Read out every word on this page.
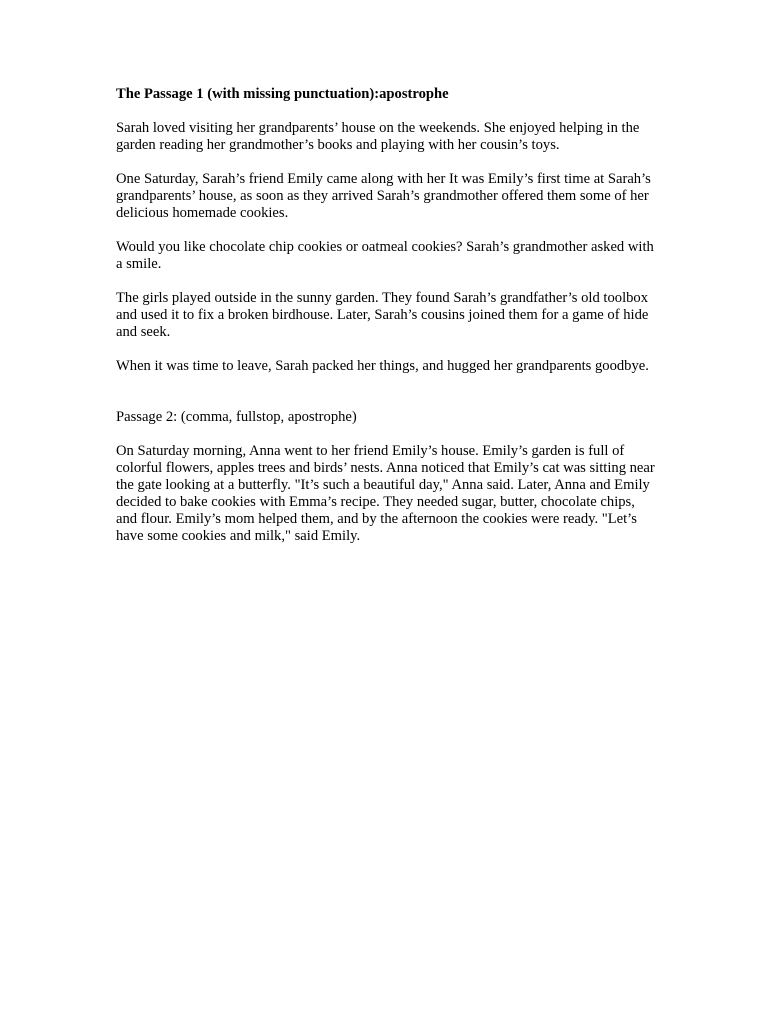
The Passage 1 (with missing punctuation):apostrophe
Sarah loved visiting her grandparents’ house on the weekends. She enjoyed helping in the garden reading her grandmother’s books and playing with her cousin’s toys.
One Saturday, Sarah’s friend Emily came along with her It was Emily’s first time at Sarah’s grandparents’ house, as soon as they arrived Sarah’s grandmother offered them some of her delicious homemade cookies.
Would you like chocolate chip cookies or oatmeal cookies? Sarah’s grandmother asked with a smile.
The girls played outside in the sunny garden. They found Sarah’s grandfather’s old toolbox and used it to fix a broken birdhouse. Later, Sarah’s cousins joined them for a game of hide and seek.
When it was time to leave, Sarah packed her things, and hugged her grandparents goodbye.
Passage 2: (comma, fullstop, apostrophe)
On Saturday morning, Anna went to her friend Emily’s house. Emily’s garden is full of colorful flowers, apples trees and birds’ nests. Anna noticed that Emily’s cat was sitting near the gate looking at a butterfly. "It’s such a beautiful day," Anna said. Later, Anna and Emily decided to bake cookies with Emma’s recipe. They needed sugar, butter, chocolate chips, and flour. Emily’s mom helped them, and by the afternoon the cookies were ready. "Let’s have some cookies and milk," said Emily.
